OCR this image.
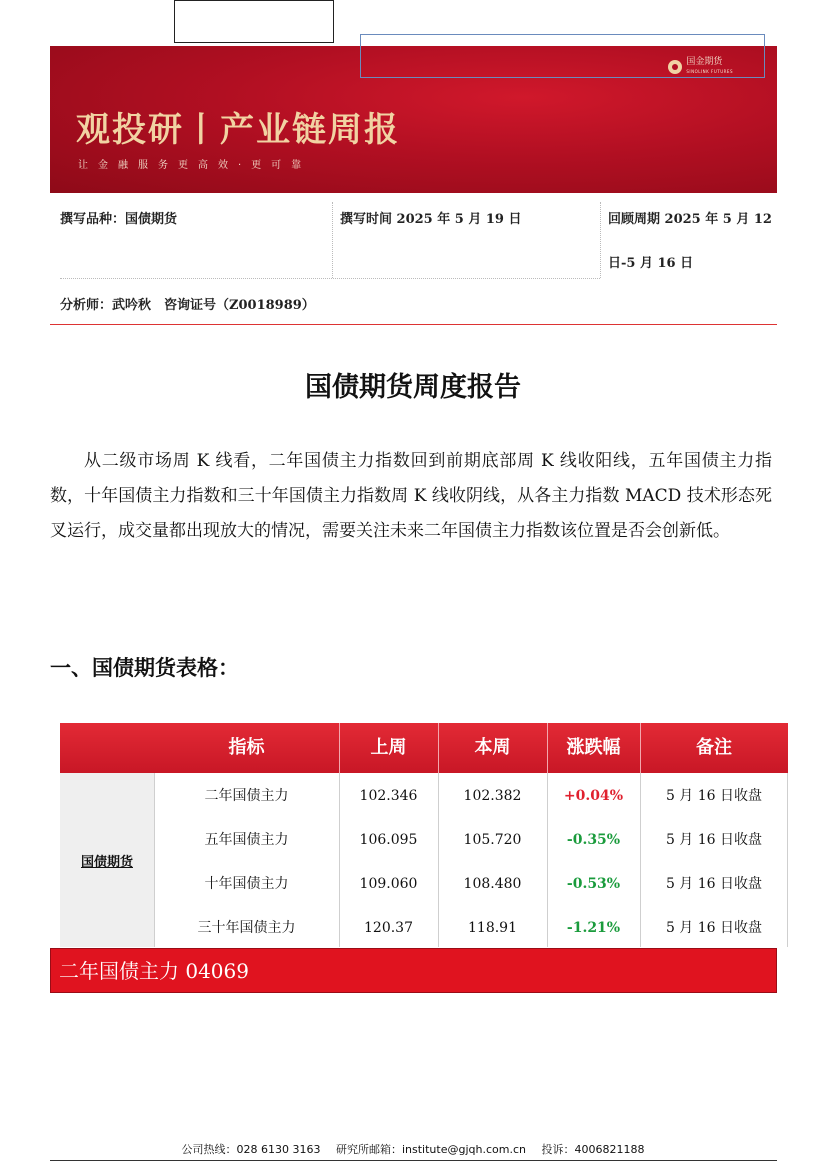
观投研丨产业链周报
让金融服务更高效·更可靠
国金期货
SINOLINK FUTURES
撰写品种：国债期货	撰写时间 2025 年 5 月 19 日	回顾周期 2025 年 5 月 12
日-5 月 16 日
分析师：武吟秋　咨询证号（Z0018989）
国债期货周度报告
从二级市场周 K 线看，二年国债主力指数回到前期底部周 K 线收阳线，五年国债主力指数，十年国债主力指数和三十年国债主力指数周 K 线收阴线，从各主力指数 MACD 技术形态死叉运行，成交量都出现放大的情况，需要关注未来二年国债主力指数该位置是否会创新低。
一、国债期货表格：
指标	上周	本周	涨跌幅	备注
国债期货
二年国债主力	102.346	102.382	+0.04%	5 月 16 日收盘
五年国债主力	106.095	105.720	-0.35%	5 月 16 日收盘
十年国债主力	109.060	108.480	-0.53%	5 月 16 日收盘
三十年国债主力	120.37	118.91	-1.21%	5 月 16 日收盘
二年国债主力 04069
公司热线：028 6130 3163 研究所邮箱：institute@gjqh.com.cn 投诉：4006821188
